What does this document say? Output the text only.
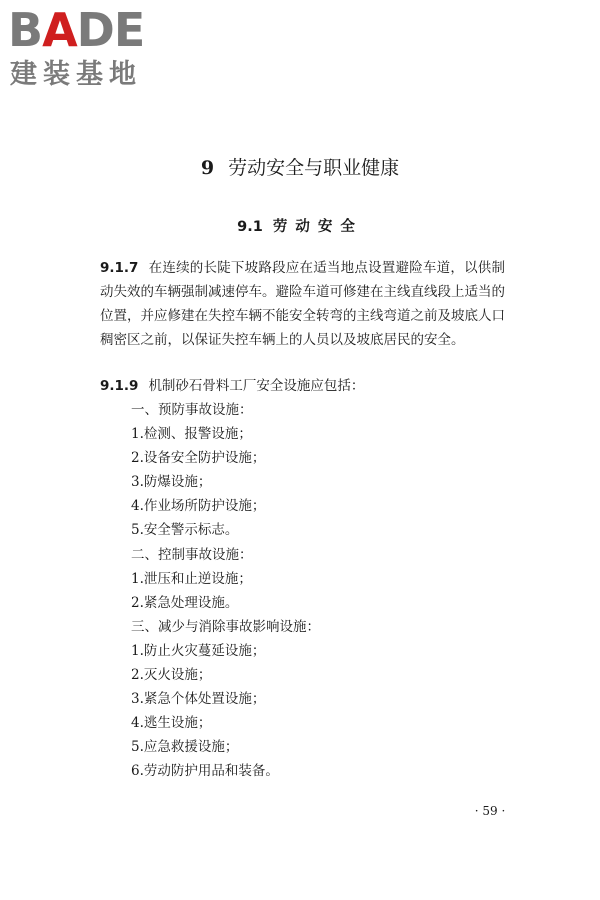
BADE
建装基地
9 劳动安全与职业健康
9.1 劳动安全
9.1.7 在连续的长陡下坡路段应在适当地点设置避险车道，以供制动失效的车辆强制减速停车。避险车道可修建在主线直线段上适当的位置，并应修建在失控车辆不能安全转弯的主线弯道之前及坡底人口稠密区之前，以保证失控车辆上的人员以及坡底居民的安全。
9.1.9 机制砂石骨料工厂安全设施应包括：
一、预防事故设施：
1.检测、报警设施；
2.设备安全防护设施；
3.防爆设施；
4.作业场所防护设施；
5.安全警示标志。
二、控制事故设施：
1.泄压和止逆设施；
2.紧急处理设施。
三、减少与消除事故影响设施：
1.防止火灾蔓延设施；
2.灭火设施；
3.紧急个体处置设施；
4.逃生设施；
5.应急救援设施；
6.劳动防护用品和装备。
· 59 ·
